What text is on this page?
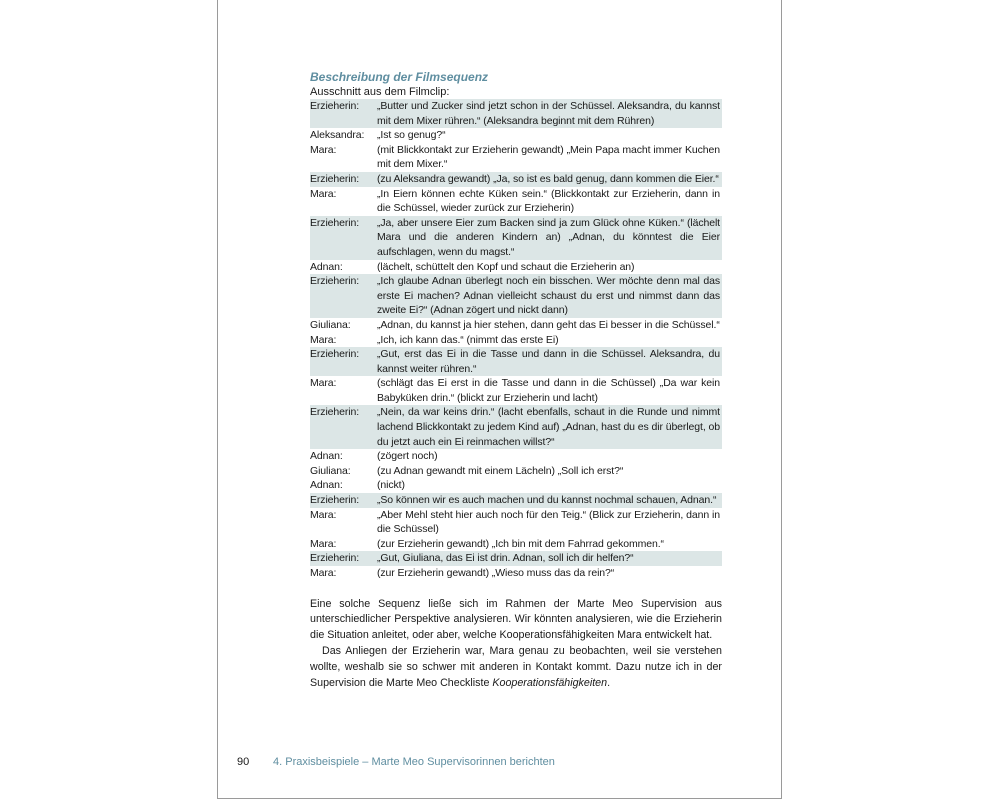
Beschreibung der Filmsequenz

Ausschnitt aus dem Filmclip:

Erzieherin:	„Butter und Zucker sind jetzt schon in der Schüssel. Aleksandra, du kannst mit dem Mixer rühren.“ (Aleksandra beginnt mit dem Rühren)
Aleksandra:	„Ist so genug?“
Mara:	(mit Blickkontakt zur Erzieherin gewandt) „Mein Papa macht immer Kuchen mit dem Mixer.“
Erzieherin:	(zu Aleksandra gewandt) „Ja, so ist es bald genug, dann kommen die Eier.“
Mara:	„In Eiern können echte Küken sein.“ (Blickkontakt zur Erzieherin, dann in die Schüssel, wieder zurück zur Erzieherin)
Erzieherin:	„Ja, aber unsere Eier zum Backen sind ja zum Glück ohne Küken.“ (lächelt Mara und die anderen Kindern an) „Adnan, du könntest die Eier aufschlagen, wenn du magst.“
Adnan:	(lächelt, schüttelt den Kopf und schaut die Erzieherin an)
Erzieherin:	„Ich glaube Adnan überlegt noch ein bisschen. Wer möchte denn mal das erste Ei machen? Adnan vielleicht schaust du erst und nimmst dann das zweite Ei?“ (Adnan zögert und nickt dann)
Giuliana:	„Adnan, du kannst ja hier stehen, dann geht das Ei besser in die Schüssel.“
Mara:	„Ich, ich kann das.“ (nimmt das erste Ei)
Erzieherin:	„Gut, erst das Ei in die Tasse und dann in die Schüssel. Aleksandra, du kannst weiter rühren.“
Mara:	(schlägt das Ei erst in die Tasse und dann in die Schüssel) „Da war kein Babyküken drin.“ (blickt zur Erzieherin und lacht)
Erzieherin:	„Nein, da war keins drin.“ (lacht ebenfalls, schaut in die Runde und nimmt lachend Blickkontakt zu jedem Kind auf) „Adnan, hast du es dir überlegt, ob du jetzt auch ein Ei reinmachen willst?“
Adnan:	(zögert noch)
Giuliana:	(zu Adnan gewandt mit einem Lächeln) „Soll ich erst?“
Adnan:	(nickt)
Erzieherin:	„So können wir es auch machen und du kannst nochmal schauen, Adnan.“
Mara:	„Aber Mehl steht hier auch noch für den Teig.“ (Blick zur Erzieherin, dann in die Schüssel)
Mara:	(zur Erzieherin gewandt) „Ich bin mit dem Fahrrad gekommen.“
Erzieherin:	„Gut, Giuliana, das Ei ist drin. Adnan, soll ich dir helfen?“
Mara:	(zur Erzieherin gewandt) „Wieso muss das da rein?“

Eine solche Sequenz ließe sich im Rahmen der Marte Meo Supervision aus unterschiedlicher Perspektive analysieren. Wir könnten analysieren, wie die Erzieherin die Situation anleitet, oder aber, welche Kooperationsfähigkeiten Mara entwickelt hat.

Das Anliegen der Erzieherin war, Mara genau zu beobachten, weil sie verstehen wollte, weshalb sie so schwer mit anderen in Kontakt kommt. Dazu nutze ich in der Supervision die Marte Meo Checkliste Kooperationsfähigkeiten.

90 4. Praxisbeispiele – Marte Meo Supervisorinnen berichten
